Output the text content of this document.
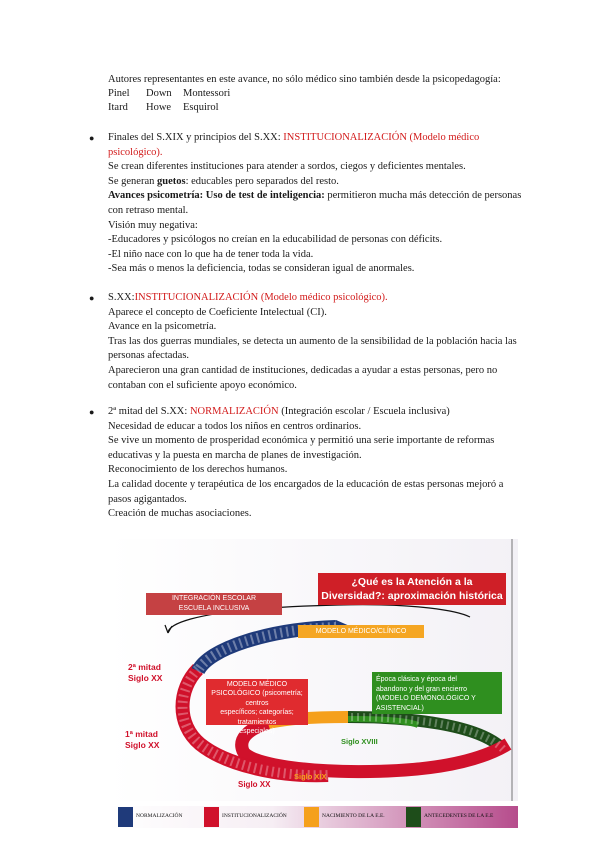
Autores representantes en este avance, no sólo médico sino también desde la psicopedagogía:
Pinel Down Montessori
Itard Howe Esquirol
● Finales del S.XIX y principios del S.XX: INSTITUCIONALIZACIÓN (Modelo médico psicológico).
Se crean diferentes instituciones para atender a sordos, ciegos y deficientes mentales.
Se generan guetos: educables pero separados del resto.
Avances psicometría: Uso de test de inteligencia: permitieron mucha más detección de personas con retraso mental.
Visión muy negativa:
-Educadores y psicólogos no creían en la educabilidad de personas con déficits.
-El niño nace con lo que ha de tener toda la vida.
-Sea más o menos la deficiencia, todas se consideran igual de anormales.
● S.XX:INSTITUCIONALIZACIÓN (Modelo médico psicológico).
Aparece el concepto de Coeficiente Intelectual (CI).
Avance en la psicometría.
Tras las dos guerras mundiales, se detecta un aumento de la sensibilidad de la población hacia las personas afectadas.
Aparecieron una gran cantidad de instituciones, dedicadas a ayudar a estas personas, pero no contaban con el suficiente apoyo económico.
● 2ª mitad del S.XX: NORMALIZACIÓN (Integración escolar / Escuela inclusiva)
Necesidad de educar a todos los niños en centros ordinarios.
Se vive un momento de prosperidad económica y permitió una serie importante de reformas educativas y la puesta en marcha de planes de investigación.
Reconocimiento de los derechos humanos.
La calidad docente y terapéutica de los encargados de la educación de estas personas mejoró a pasos agigantados.
Creación de muchas asociaciones.
2ª mitad
Siglo XX
1ª mitad
Siglo XX
Siglo XX
Siglo XIX
Siglo XVIII
¿Qué es la Atención a la
Diversidad?: aproximación histórica
INTEGRACIÓN ESCOLAR
ESCUELA INCLUSIVA
MODELO MÉDICO/CLÍNICO
Época clásica y época del
abandono y del gran encierro
(MODELO DEMONOLÓGICO Y
ASISTENCIAL)
MODELO MÉDICO
PSICOLÓGICO (psicometría; centros
específicos; categorías; tratamientos
especiales)
NORMALIZACIÓN	INSTITUCIONALIZACIÓN	NACIMIENTO DE LA E.E.	ANTECEDENTES DE LA E.E
